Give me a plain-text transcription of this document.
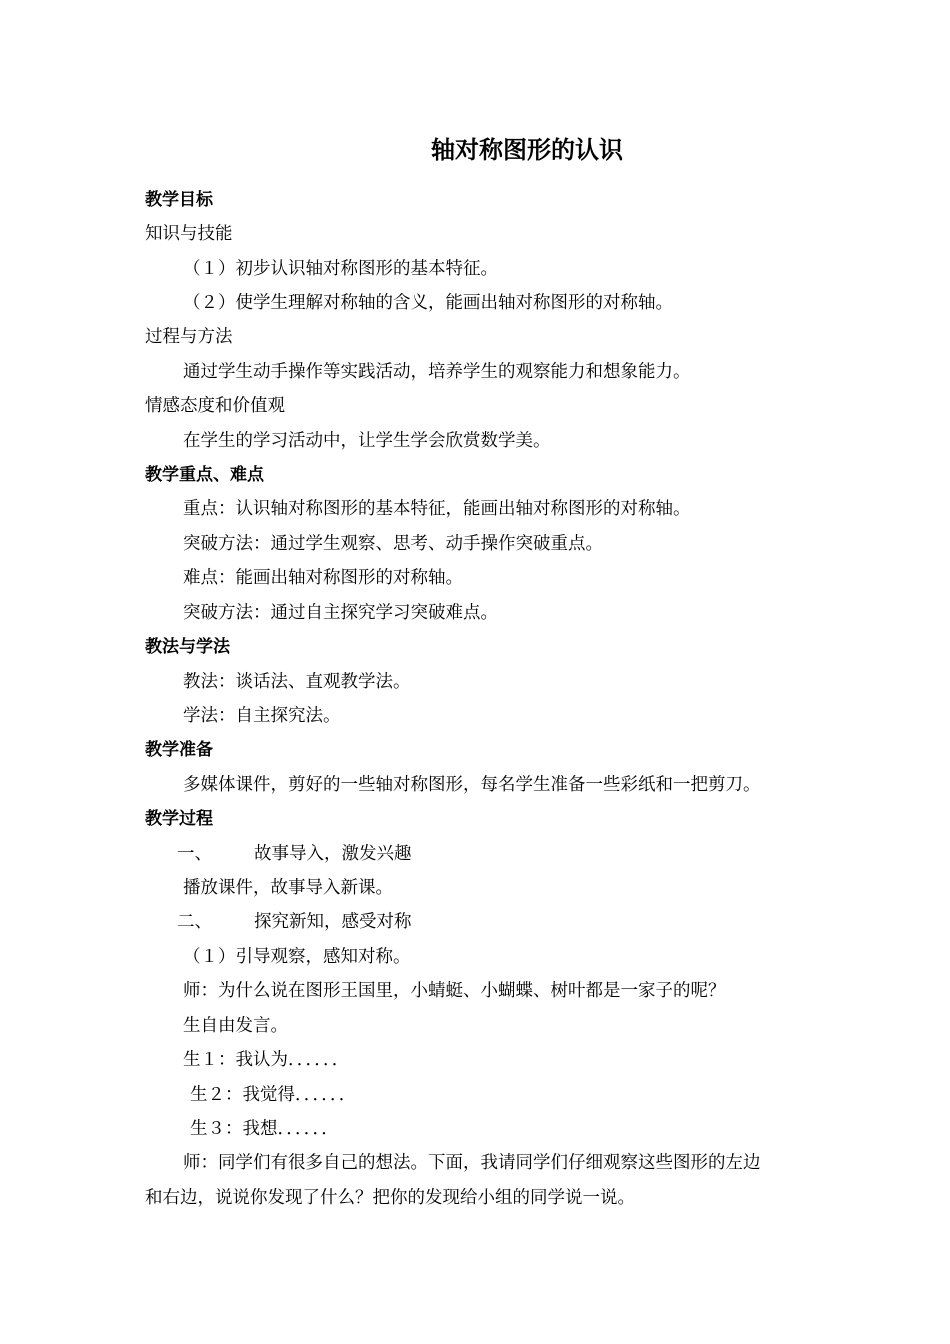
轴对称图形的认识
教学目标
知识与技能
（１）初步认识轴对称图形的基本特征。
（２）使学生理解对称轴的含义，能画出轴对称图形的对称轴。
过程与方法
通过学生动手操作等实践活动，培养学生的观察能力和想象能力。
情感态度和价值观
在学生的学习活动中，让学生学会欣赏数学美。
教学重点、难点
重点：认识轴对称图形的基本特征，能画出轴对称图形的对称轴。
突破方法：通过学生观察、思考、动手操作突破重点。
难点：能画出轴对称图形的对称轴。
突破方法：通过自主探究学习突破难点。
教法与学法
教法：谈话法、直观教学法。
学法：自主探究法。
教学准备
多媒体课件，剪好的一些轴对称图形，每名学生准备一些彩纸和一把剪刀。
教学过程
一、 故事导入，激发兴趣
播放课件，故事导入新课。
二、 探究新知，感受对称
（１）引导观察，感知对称。
师：为什么说在图形王国里，小蜻蜓、小蝴蝶、树叶都是一家子的呢？
生自由发言。
生１：我认为．．．．．．
生２：我觉得．．．．．．
生３：我想．．．．．．
师：同学们有很多自己的想法。下面，我请同学们仔细观察这些图形的左边
和右边，说说你发现了什么？把你的发现给小组的同学说一说。
